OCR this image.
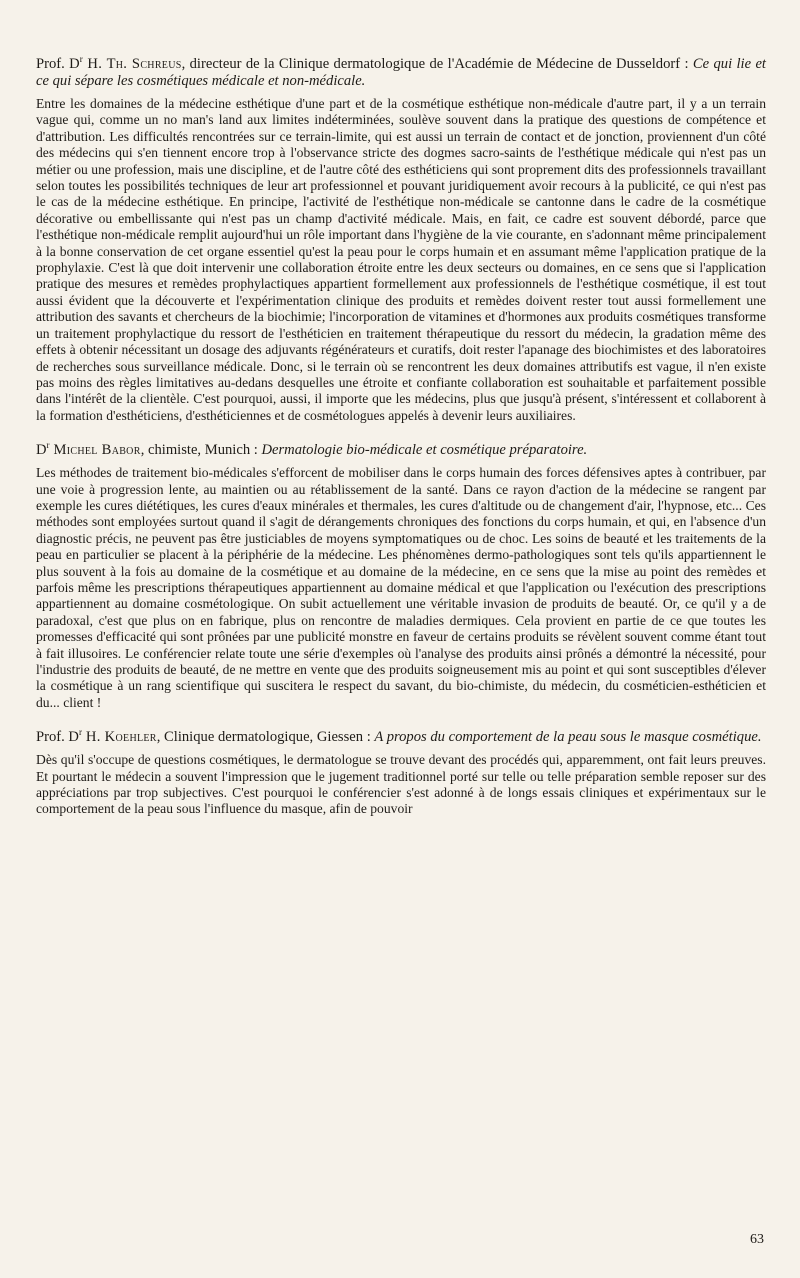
Prof. $D^r$ H. Th. Schreus, directeur de la Clinique dermatologique de l'Académie de Médecine de Dusseldorf : Ce qui lie et ce qui sépare les cosmétiques médicale et non-médicale.

Entre les domaines de la médecine esthétique d'une part et de la cosmétique esthétique non-médicale d'autre part, il y a un terrain vague qui, comme un no man's land aux limites indéterminées, soulève souvent dans la pratique des questions de compétence et d'attribution. Les difficultés rencontrées sur ce terrain-limite, qui est aussi un terrain de contact et de jonction, proviennent d'un côté des médecins qui s'en tiennent encore trop à l'observance stricte des dogmes sacro-saints de l'esthétique médicale qui n'est pas un métier ou une profession, mais une discipline, et de l'autre côté des esthéticiens qui sont proprement dits des professionnels travaillant selon toutes les possibilités techniques de leur art professionnel et pouvant juridiquement avoir recours à la publicité, ce qui n'est pas le cas de la médecine esthétique. En principe, l'activité de l'esthétique non-médicale se cantonne dans le cadre de la cosmétique décorative ou embellissante qui n'est pas un champ d'activité médicale. Mais, en fait, ce cadre est souvent débordé, parce que l'esthétique non-médicale remplit aujourd'hui un rôle important dans l'hygiène de la vie courante, en s'adonnant même principalement à la bonne conservation de cet organe essentiel qu'est la peau pour le corps humain et en assumant même l'application pratique de la prophylaxie. C'est là que doit intervenir une collaboration étroite entre les deux secteurs ou domaines, en ce sens que si l'application pratique des mesures et remèdes prophylactiques appartient formellement aux professionnels de l'esthétique cosmétique, il est tout aussi évident que la découverte et l'expérimentation clinique des produits et remèdes doivent rester tout aussi formellement une attribution des savants et chercheurs de la biochimie; l'incorporation de vitamines et d'hormones aux produits cosmétiques transforme un traitement prophylactique du ressort de l'esthéticien en traitement thérapeutique du ressort du médecin, la gradation même des effets à obtenir nécessitant un dosage des adjuvants régénérateurs et curatifs, doit rester l'apanage des biochimistes et des laboratoires de recherches sous surveillance médicale. Donc, si le terrain où se rencontrent les deux domaines attributifs est vague, il n'en existe pas moins des règles limitatives au-dedans desquelles une étroite et confiante collaboration est souhaitable et parfaitement possible dans l'intérêt de la clientèle. C'est pourquoi, aussi, il importe que les médecins, plus que jusqu'à présent, s'intéressent et collaborent à la formation d'esthéticiens, d'esthéticiennes et de cosmétologues appelés à devenir leurs auxiliaires.

$D^r$ Michel Babor, chimiste, Munich : Dermatologie bio-médicale et cosmétique préparatoire.

Les méthodes de traitement bio-médicales s'efforcent de mobiliser dans le corps humain des forces défensives aptes à contribuer, par une voie à progression lente, au maintien ou au rétablissement de la santé. Dans ce rayon d'action de la médecine se rangent par exemple les cures diététiques, les cures d'eaux minérales et thermales, les cures d'altitude ou de changement d'air, l'hypnose, etc... Ces méthodes sont employées surtout quand il s'agit de dérangements chroniques des fonctions du corps humain, et qui, en l'absence d'un diagnostic précis, ne peuvent pas être justiciables de moyens symptomatiques ou de choc. Les soins de beauté et les traitements de la peau en particulier se placent à la périphérie de la médecine. Les phénomènes dermo-pathologiques sont tels qu'ils appartiennent le plus souvent à la fois au domaine de la cosmétique et au domaine de la médecine, en ce sens que la mise au point des remèdes et parfois même les prescriptions thérapeutiques appartiennent au domaine médical et que l'application ou l'exécution des prescriptions appartiennent au domaine cosmétologique. On subit actuellement une véritable invasion de produits de beauté. Or, ce qu'il y a de paradoxal, c'est que plus on en fabrique, plus on rencontre de maladies dermiques. Cela provient en partie de ce que toutes les promesses d'efficacité qui sont prônées par une publicité monstre en faveur de certains produits se révèlent souvent comme étant tout à fait illusoires. Le conférencier relate toute une série d'exemples où l'analyse des produits ainsi prônés a démontré la nécessité, pour l'industrie des produits de beauté, de ne mettre en vente que des produits soigneusement mis au point et qui sont susceptibles d'élever la cosmétique à un rang scientifique qui suscitera le respect du savant, du bio-chimiste, du médecin, du cosméticien-esthéticien et du... client !

Prof. $D^r$ H. Koehler, Clinique dermatologique, Giessen : A propos du comportement de la peau sous le masque cosmétique.

Dès qu'il s'occupe de questions cosmétiques, le dermatologue se trouve devant des procédés qui, apparemment, ont fait leurs preuves. Et pourtant le médecin a souvent l'impression que le jugement traditionnel porté sur telle ou telle préparation semble reposer sur des appréciations par trop subjectives. C'est pourquoi le conférencier s'est adonné à de longs essais cliniques et expérimentaux sur le comportement de la peau sous l'influence du masque, afin de pouvoir

63
